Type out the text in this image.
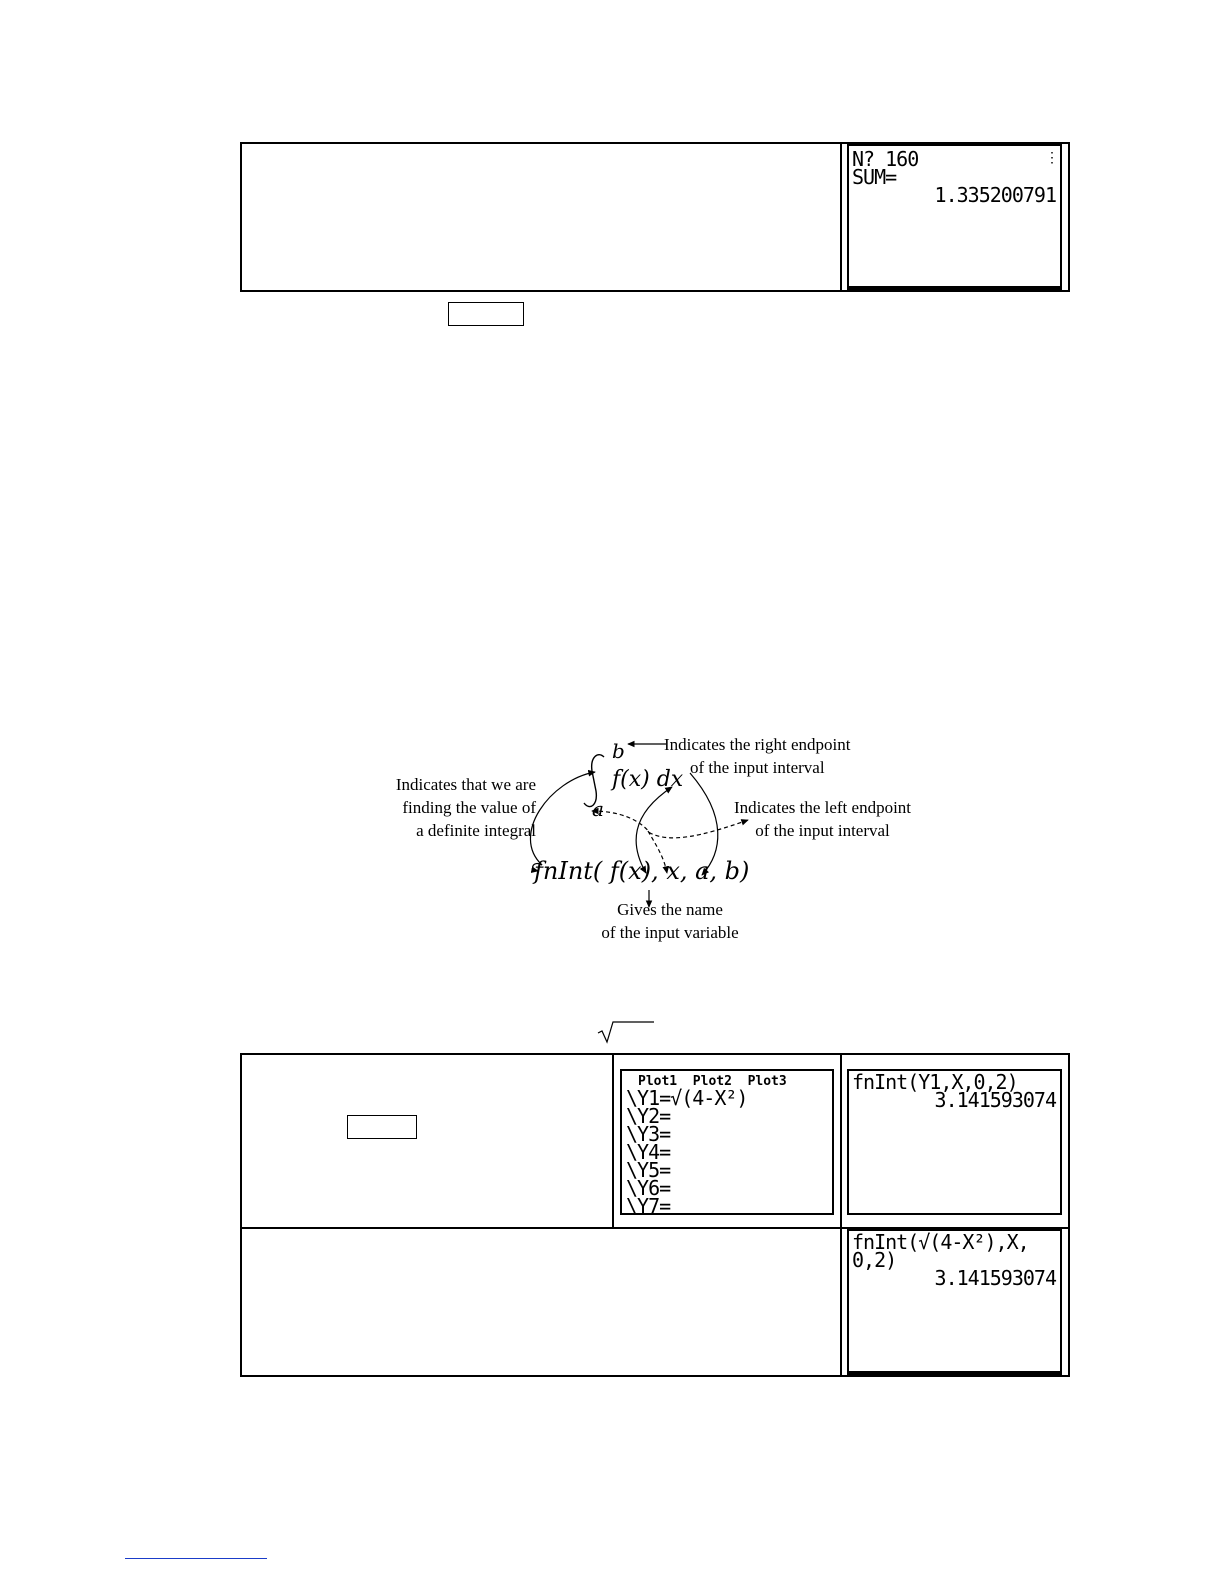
N? 160
SUM=
1.335200791
⋮
b
a
f(x) dx
Indicates the right endpoint
of the input interval
Indicates the left endpoint
of the input interval
Indicates that we are
finding the value of
a definite integral
fnInt( f(x), x, a, b)
Gives the name
of the input variable
Plot1  Plot2  Plot3
\Y1=√(4-X²)
\Y2=
\Y3=
\Y4=
\Y5=
\Y6=
\Y7=
fnInt(Y1,X,0,2)
3.141593074
fnInt(√(4-X²),X,
0,2)
3.141593074
